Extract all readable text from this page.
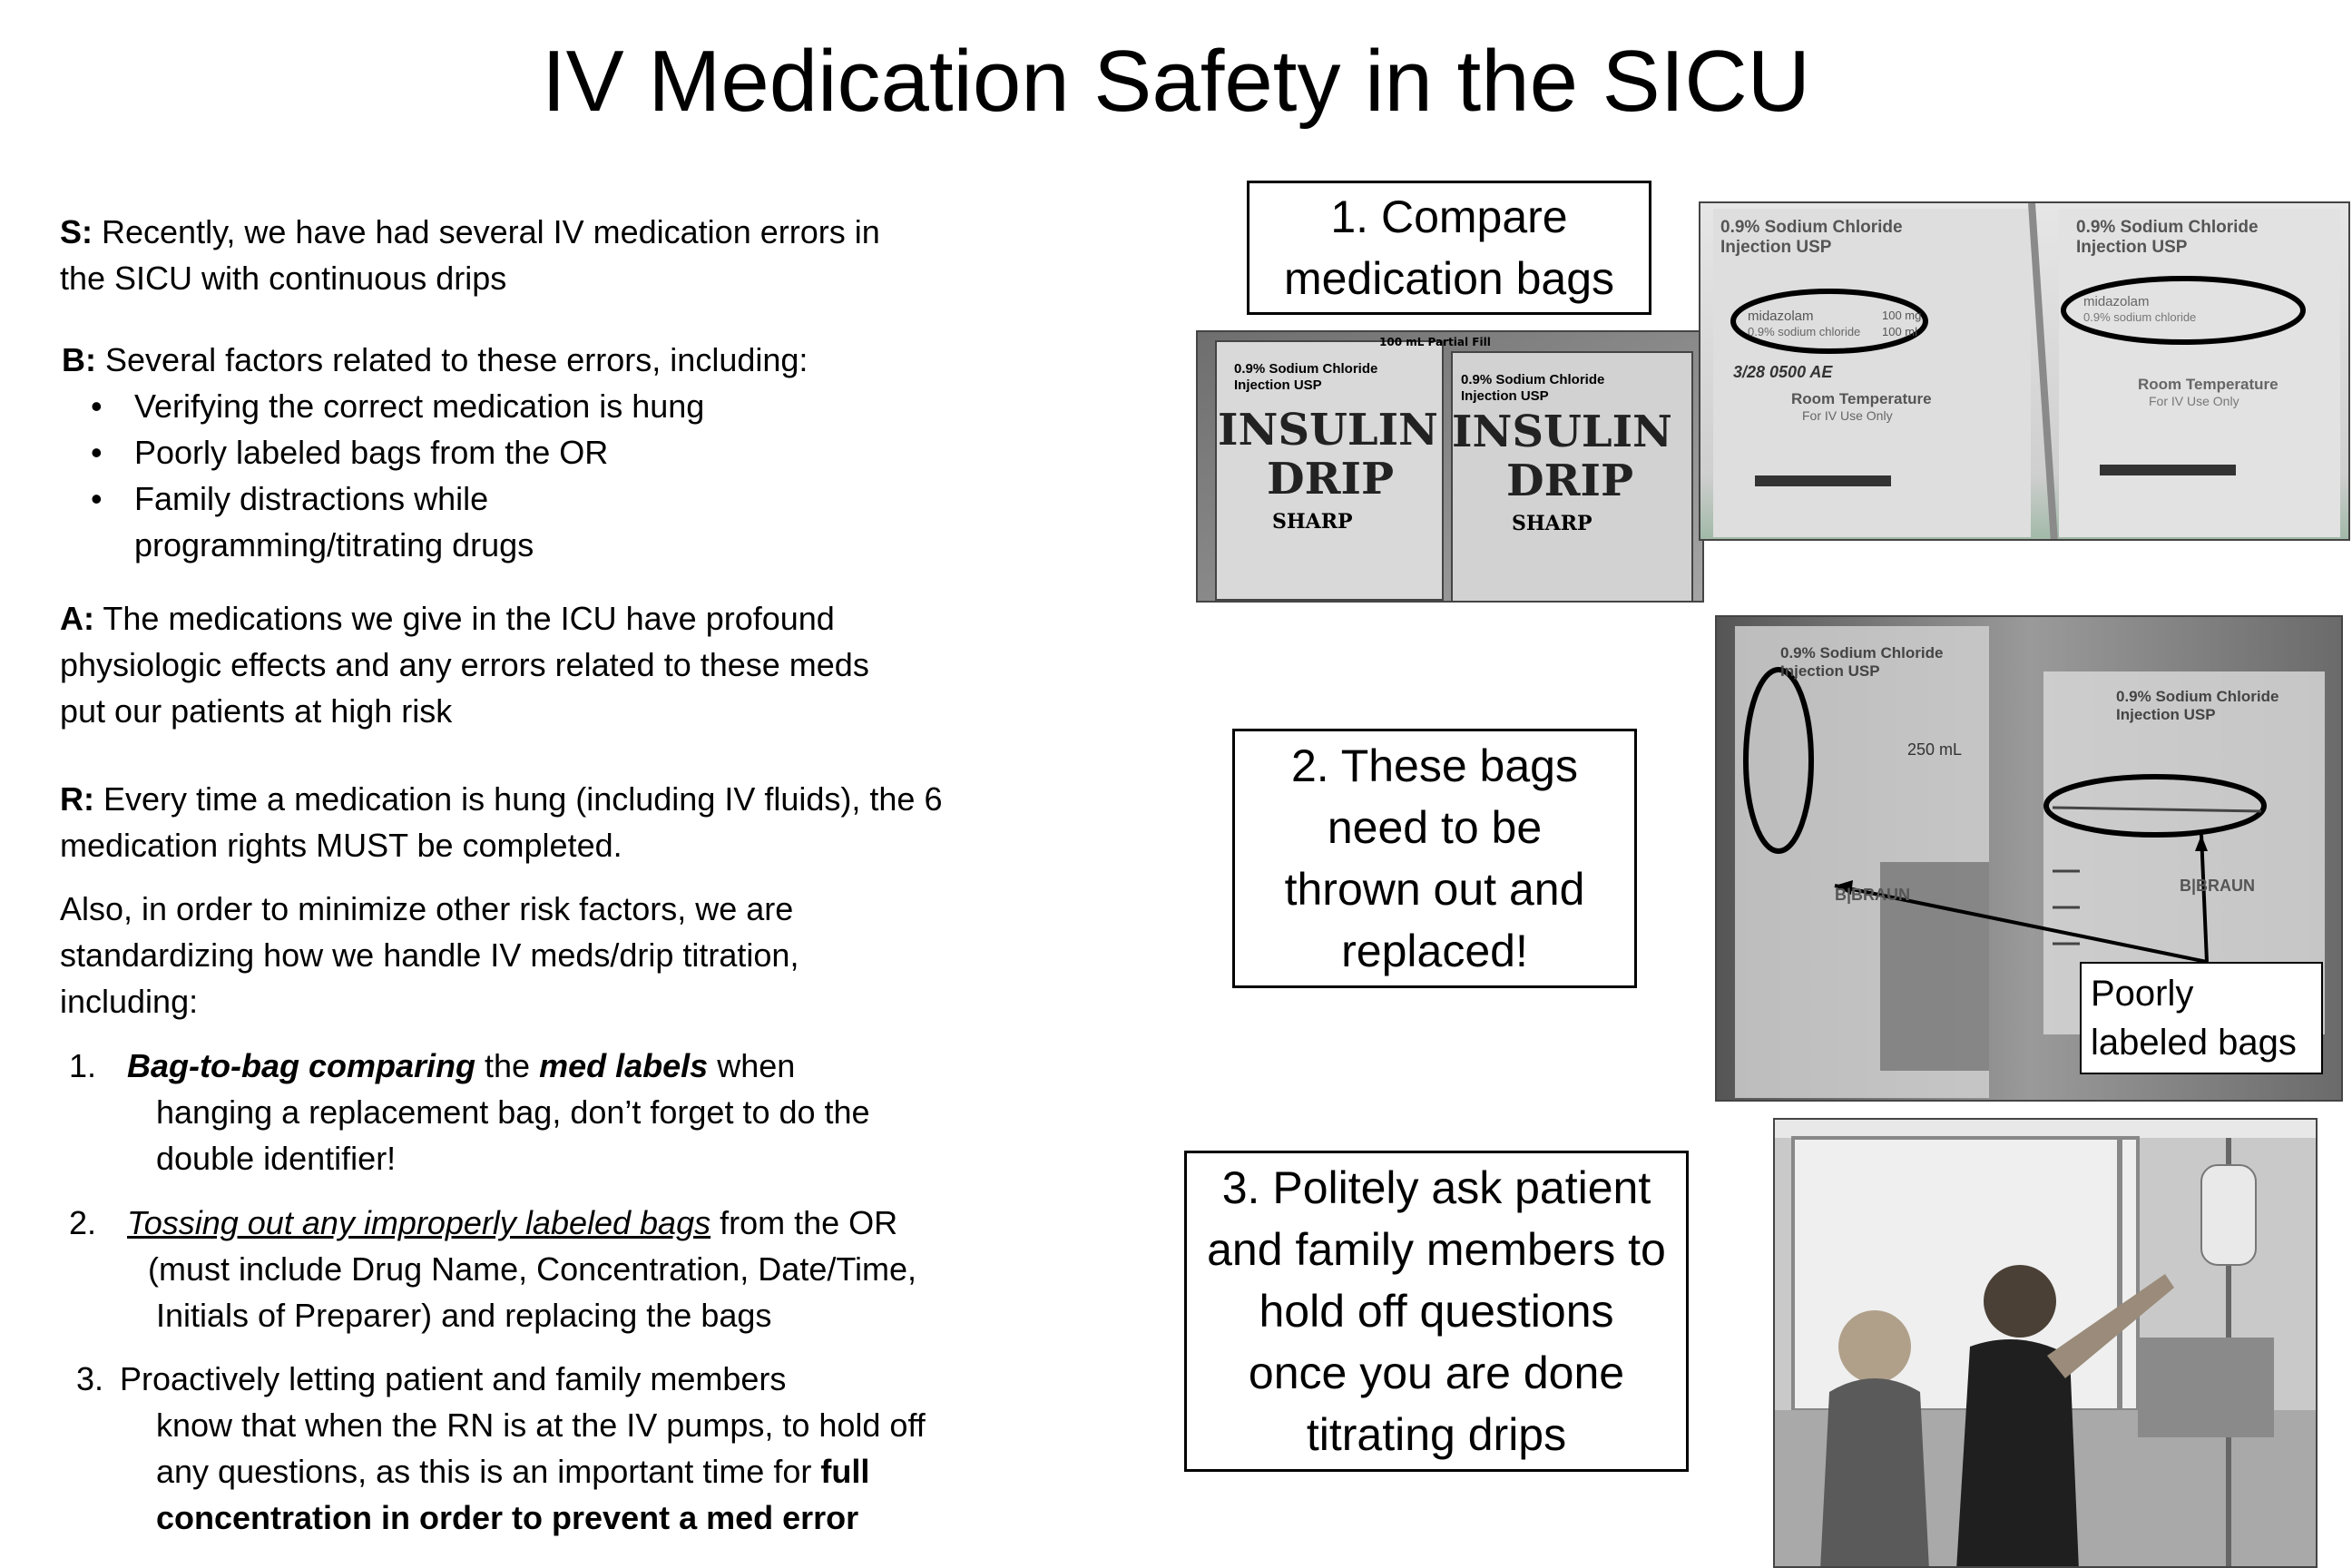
IV Medication Safety in the SICU
S: Recently, we have had several IV medication errors in
the SICU with continuous drips
B: Several factors related to these errors, including:
• Verifying the correct medication is hung
• Poorly labeled bags from the OR
• Family distractions while
programming/titrating drugs
A: The medications we give in the ICU have profound
physiologic effects and any errors related to these meds
put our patients at high risk
R: Every time a medication is hung (including IV fluids), the 6
medication rights MUST be completed.
Also, in order to minimize other risk factors, we are
standardizing how we handle IV meds/drip titration,
including:
1. Bag-to-bag comparing the med labels when
hanging a replacement bag, don’t forget to do the
double identifier!
2. Tossing out any improperly labeled bags from the OR
(must include Drug Name, Concentration, Date/Time,
Initials of Preparer) and replacing the bags
3. Proactively letting patient and family members
know that when the RN is at the IV pumps, to hold off
any questions, as this is an important time for full
concentration in order to prevent a med error
1. Compare
medication bags
100 mL Partial Fill
0.9% Sodium Chloride
Injection USP	0.9% Sodium Chloride
Injection USP
INSULIN
DRIP
INSULIN
DRIP
SHARP	SHARP
0.9% Sodium Chloride
Injection USP
0.9% Sodium Chloride
Injection USP
midazolam
0.9% sodium chloride
100 mg
100 ml
midazolam
0.9% sodium chloride
3/28 0500 AE
Room Temperature
For IV Use Only
Room Temperature
For IV Use Only
2. These bags
need to be
thrown out and
replaced!
0.9% Sodium Chloride
Injection USP
0.9% Sodium Chloride
Injection USP
250 mL
B|BRAUN
B|BRAUN
Poorly
labeled bags
3. Politely ask patient
and family members to
hold off questions
once you are done
titrating drips
